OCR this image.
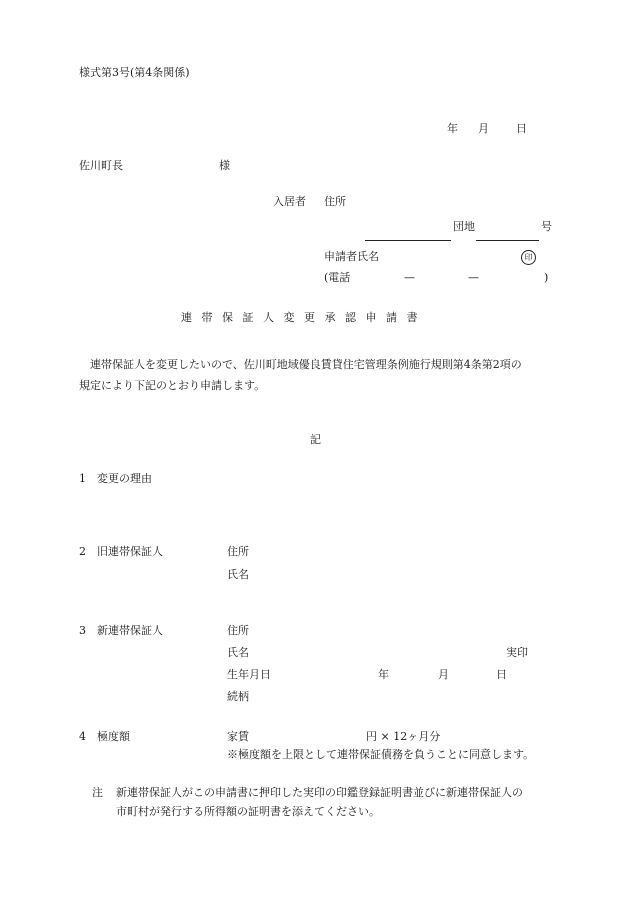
様式第3号(第4条関係)
年 月 日
佐川町長	様
入居者 住所
団地	号
申請者氏名	印
(電話	—	—	)
連帯保証人変更承認申請書
連帯保証人を変更したいので、佐川町地域優良賃貸住宅管理条例施行規則第4条第2項の
規定により下記のとおり申請します。
記
1　変更の理由
2　旧連帯保証人	住所
氏名
3　新連帯保証人	住所
氏名	実印
生年月日	年	月	日
続柄
4　極度額	家賃	円 × 12ヶ月分
※極度額を上限として連帯保証債務を負うことに同意します。
注 新連帯保証人がこの申請書に押印した実印の印鑑登録証明書並びに新連帯保証人の
市町村が発行する所得額の証明書を添えてください。
